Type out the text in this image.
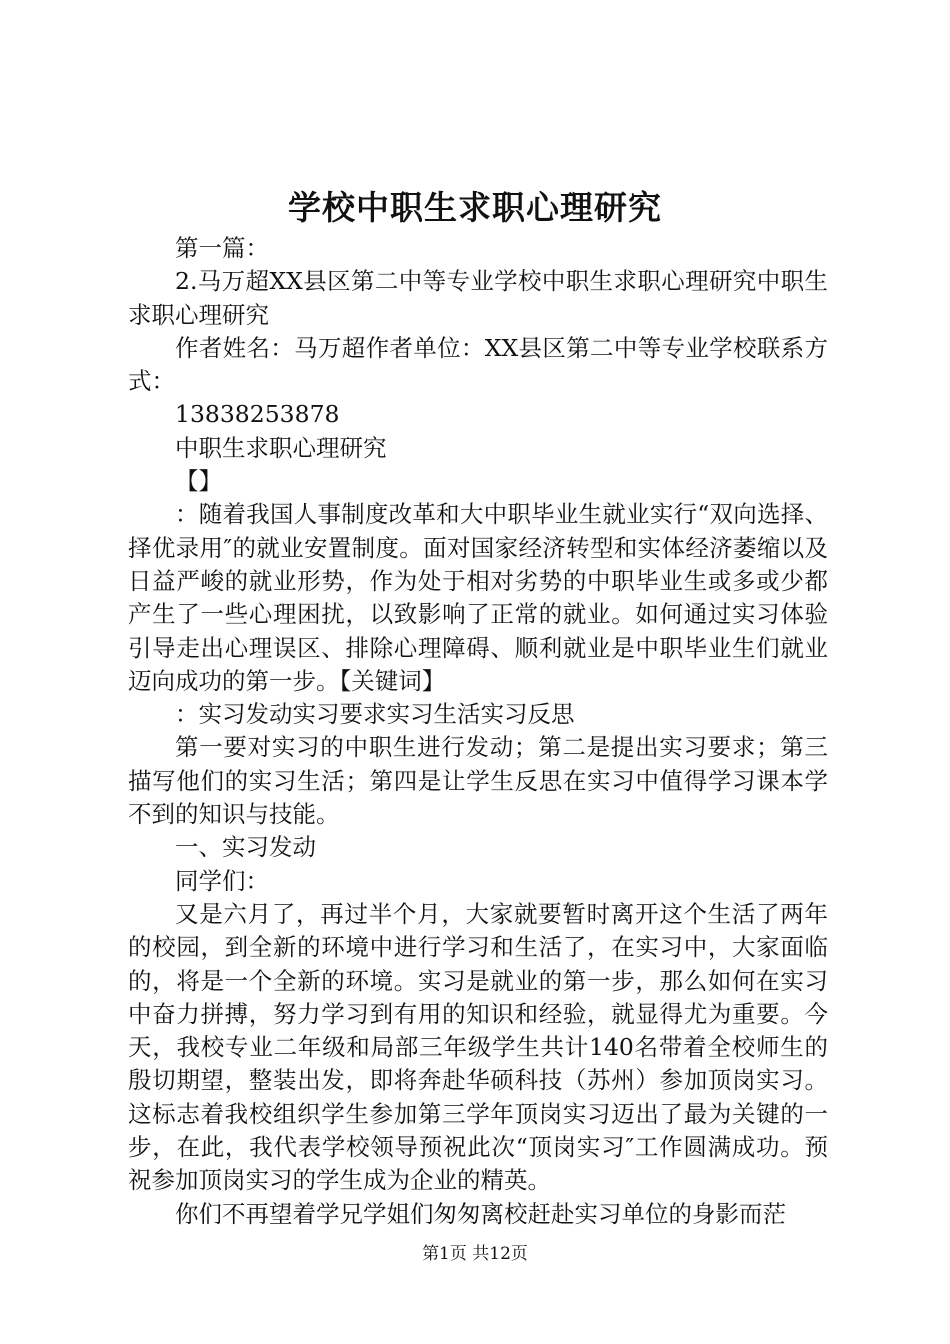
学校中职生求职心理研究

第一篇：

2.马万超XX县区第二中等专业学校中职生求职心理研究中职生求职心理研究

作者姓名：马万超作者单位：XX县区第二中等专业学校联系方式：

13838253878

中职生求职心理研究

【】

：随着我国人事制度改革和大中职毕业生就业实行“双向选择、择优录用″的就业安置制度。面对国家经济转型和实体经济萎缩以及日益严峻的就业形势，作为处于相对劣势的中职毕业生或多或少都产生了一些心理困扰，以致影响了正常的就业。如何通过实习体验引导走出心理误区、排除心理障碍、顺利就业是中职毕业生们就业迈向成功的第一步。【关键词】

：实习发动实习要求实习生活实习反思

第一要对实习的中职生进行发动；第二是提出实习要求；第三描写他们的实习生活；第四是让学生反思在实习中值得学习课本学不到的知识与技能。

一、实习发动

同学们：

又是六月了，再过半个月，大家就要暂时离开这个生活了两年的校园，到全新的环境中进行学习和生活了，在实习中，大家面临的，将是一个全新的环境。实习是就业的第一步，那么如何在实习中奋力拼搏，努力学习到有用的知识和经验，就显得尤为重要。今天，我校专业二年级和局部三年级学生共计140名带着全校师生的殷切期望，整装出发，即将奔赴华硕科技（苏州）参加顶岗实习。这标志着我校组织学生参加第三学年顶岗实习迈出了最为关键的一步，在此，我代表学校领导预祝此次“顶岗实习″工作圆满成功。预祝参加顶岗实习的学生成为企业的精英。

你们不再望着学兄学姐们匆匆离校赶赴实习单位的身影而茫

第1页 共12页
